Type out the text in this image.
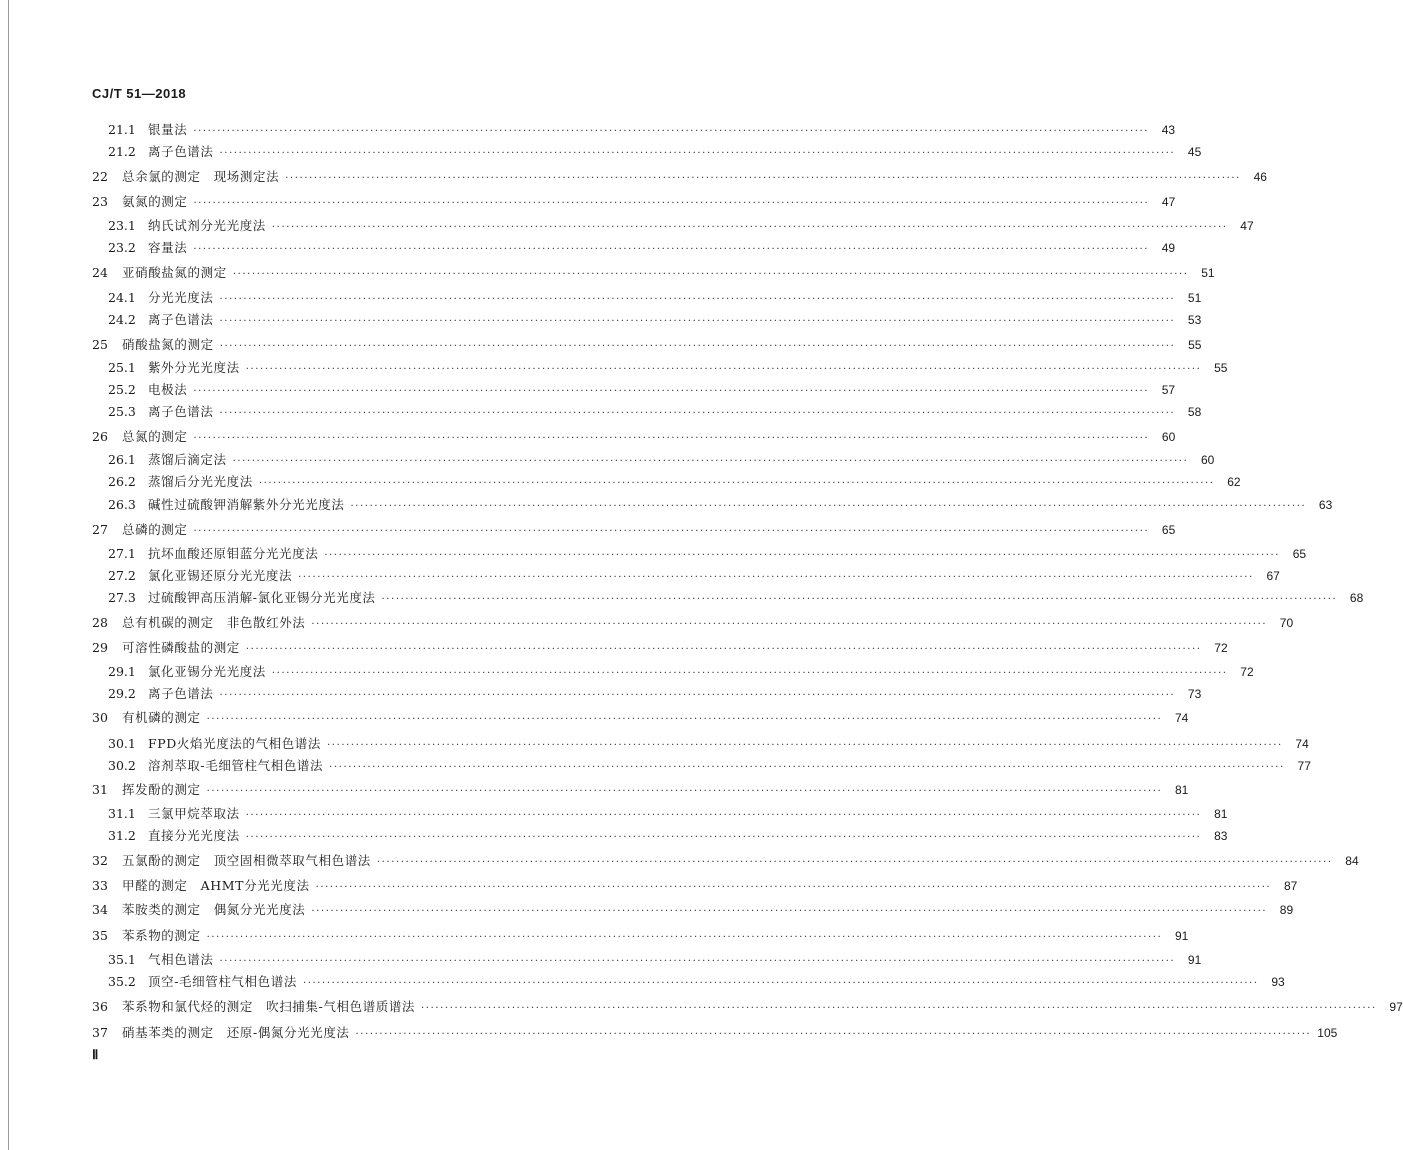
CJ/T 51—2018
21.1 银量法 ········································································································································································································	43
21.2 离子色谱法 ········································································································································································································	45
22 总余氯的测定　现场测定法 ········································································································································································································	46
23 氨氮的测定 ········································································································································································································	47
23.1 纳氏试剂分光光度法 ········································································································································································································	47
23.2 容量法 ········································································································································································································	49
24 亚硝酸盐氮的测定 ········································································································································································································	51
24.1 分光光度法 ········································································································································································································	51
24.2 离子色谱法 ········································································································································································································	53
25 硝酸盐氮的测定 ········································································································································································································	55
25.1 紫外分光光度法 ········································································································································································································	55
25.2 电极法 ········································································································································································································	57
25.3 离子色谱法 ········································································································································································································	58
26 总氮的测定 ········································································································································································································	60
26.1 蒸馏后滴定法 ········································································································································································································	60
26.2 蒸馏后分光光度法 ········································································································································································································	62
26.3 碱性过硫酸钾消解紫外分光光度法 ········································································································································································································	63
27 总磷的测定 ········································································································································································································	65
27.1 抗坏血酸还原钼蓝分光光度法 ········································································································································································································	65
27.2 氯化亚锡还原分光光度法 ········································································································································································································	67
27.3 过硫酸钾高压消解-氯化亚锡分光光度法 ········································································································································································································	68
28 总有机碳的测定　非色散红外法 ········································································································································································································	70
29 可溶性磷酸盐的测定 ········································································································································································································	72
29.1 氯化亚锡分光光度法 ········································································································································································································	72
29.2 离子色谱法 ········································································································································································································	73
30 有机磷的测定 ········································································································································································································	74
30.1 FPD火焰光度法的气相色谱法 ········································································································································································································	74
30.2 溶剂萃取-毛细管柱气相色谱法 ········································································································································································································	77
31 挥发酚的测定 ········································································································································································································	81
31.1 三氯甲烷萃取法 ········································································································································································································	81
31.2 直接分光光度法 ········································································································································································································	83
32 五氯酚的测定　顶空固相微萃取气相色谱法 ········································································································································································································	84
33 甲醛的测定　AHMT分光光度法 ········································································································································································································	87
34 苯胺类的测定　偶氮分光光度法 ········································································································································································································	89
35 苯系物的测定 ········································································································································································································	91
35.1 气相色谱法 ········································································································································································································	91
35.2 顶空-毛细管柱气相色谱法 ········································································································································································································	93
36 苯系物和氯代烃的测定　吹扫捕集-气相色谱质谱法 ········································································································································································································	97
37 硝基苯类的测定　还原-偶氮分光光度法 ········································································································································································································ 105
Ⅱ
